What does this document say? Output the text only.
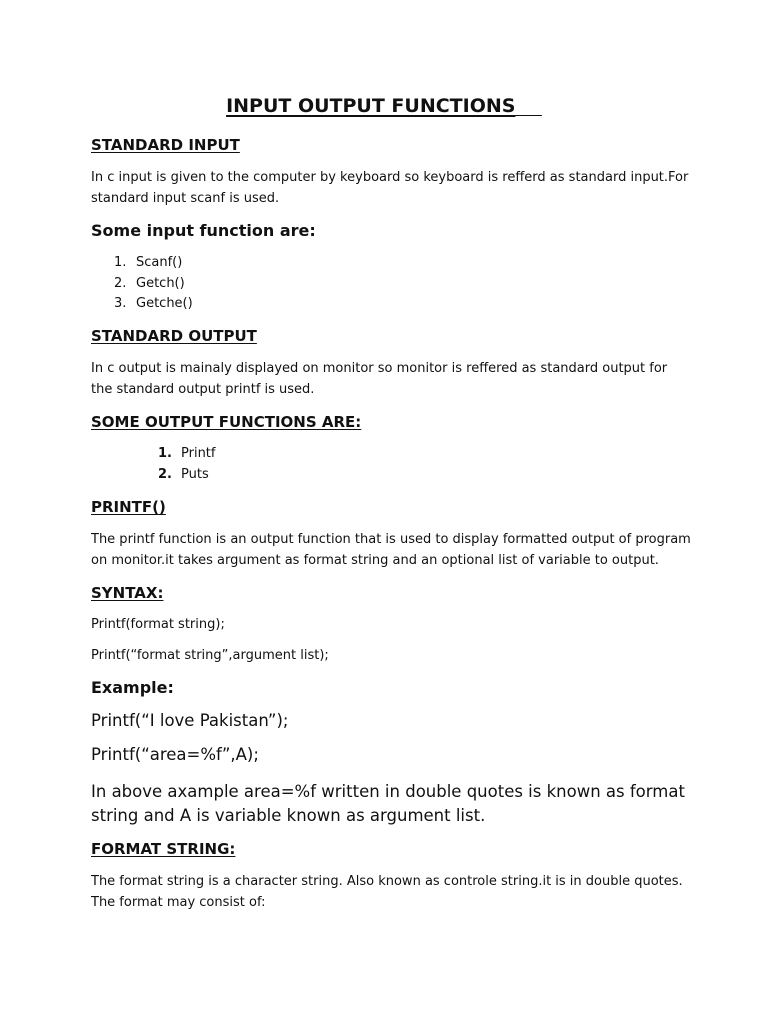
INPUT OUTPUT FUNCTIONS
STANDARD INPUT
In c input is given to the computer by keyboard so keyboard is refferd as standard input.For standard input scanf is used.
Some input function are:
1. Scanf()
2. Getch()
3. Getche()
STANDARD OUTPUT
In c output is mainaly displayed on monitor so monitor is reffered as standard output for the standard output printf is used.
SOME OUTPUT FUNCTIONS ARE:
1. Printf
2. Puts
PRINTF()
The printf function is an output function that is used to display formatted output of program on monitor.it takes argument as format string and an optional list of variable to output.
SYNTAX:
Printf(format string);
Printf(“format string”,argument list);
Example:
Printf(“I love Pakistan”);
Printf(“area=%f”,A);
In above axample area=%f written in double quotes is known as format string and A is variable known as argument list.
FORMAT STRING:
The format string is a character string. Also known as controle string.it is in double quotes. The format may consist of:
